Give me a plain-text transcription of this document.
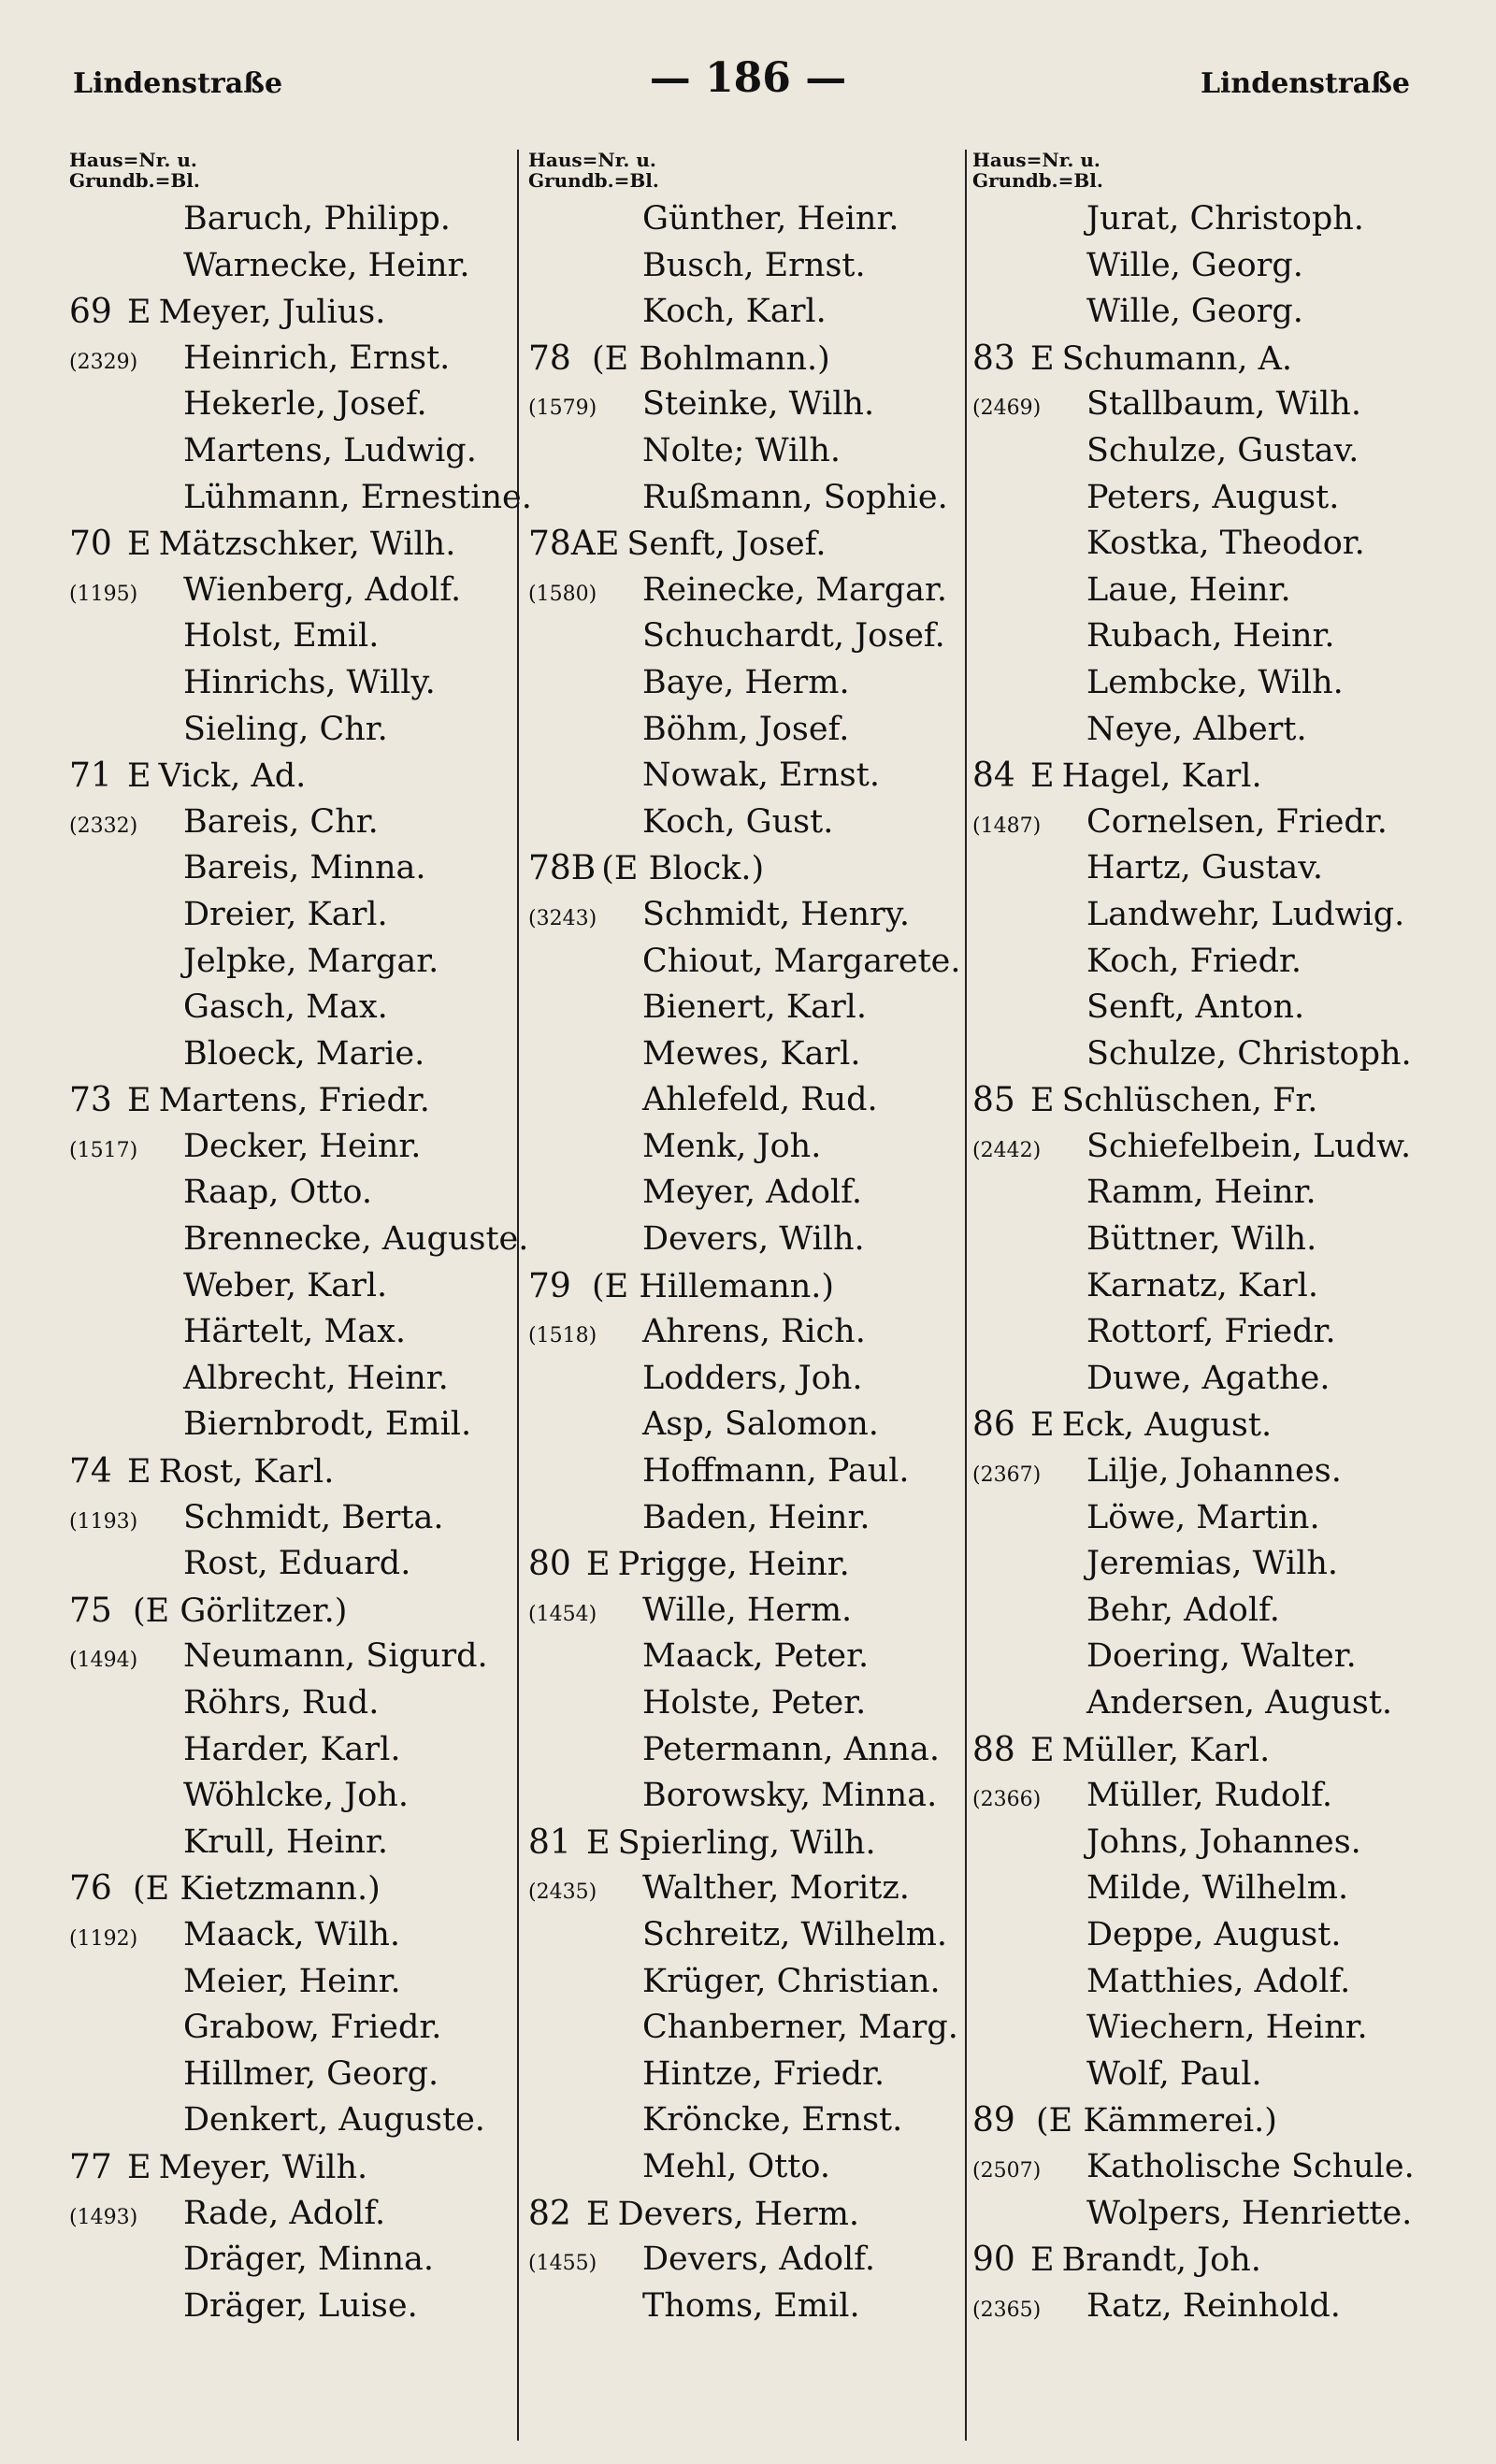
Lindenstraße	— 186 —	Lindenstraße
Haus=Nr. u.
Grundb.=Bl.
Baruch, Philipp.
Warnecke, Heinr.
69 E Meyer, Julius.
(2329) Heinrich, Ernst.
Hekerle, Josef.
Martens, Ludwig.
Lühmann, Ernestine.
70 E Mätzschker, Wilh.
(1195) Wienberg, Adolf.
Holst, Emil.
Hinrichs, Willy.
Sieling, Chr.
71 E Vick, Ad.
(2332) Bareis, Chr.
Bareis, Minna.
Dreier, Karl.
Jelpke, Margar.
Gasch, Max.
Bloeck, Marie.
73 E Martens, Friedr.
(1517) Decker, Heinr.
Raap, Otto.
Brennecke, Auguste.
Weber, Karl.
Härtelt, Max.
Albrecht, Heinr.
Biernbrodt, Emil.
74 E Rost, Karl.
(1193) Schmidt, Berta.
Rost, Eduard.
75 (E Görlitzer.)
(1494) Neumann, Sigurd.
Röhrs, Rud.
Harder, Karl.
Wöhlcke, Joh.
Krull, Heinr.
76 (E Kietzmann.)
(1192) Maack, Wilh.
Meier, Heinr.
Grabow, Friedr.
Hillmer, Georg.
Denkert, Auguste.
77 E Meyer, Wilh.
(1493) Rade, Adolf.
Dräger, Minna.
Dräger, Luise.
Haus=Nr. u.
Grundb.=Bl.
Günther, Heinr.
Busch, Ernst.
Koch, Karl.
78 (E Bohlmann.)
(1579) Steinke, Wilh.
Nolte; Wilh.
Rußmann, Sophie.
78AE Senft, Josef.
(1580) Reinecke, Margar.
Schuchardt, Josef.
Baye, Herm.
Böhm, Josef.
Nowak, Ernst.
Koch, Gust.
78B (E Block.)
(3243) Schmidt, Henry.
Chiout, Margarete.
Bienert, Karl.
Mewes, Karl.
Ahlefeld, Rud.
Menk, Joh.
Meyer, Adolf.
Devers, Wilh.
79 (E Hillemann.)
(1518) Ahrens, Rich.
Lodders, Joh.
Asp, Salomon.
Hoffmann, Paul.
Baden, Heinr.
80 E Prigge, Heinr.
(1454) Wille, Herm.
Maack, Peter.
Holste, Peter.
Petermann, Anna.
Borowsky, Minna.
81 E Spierling, Wilh.
(2435) Walther, Moritz.
Schreitz, Wilhelm.
Krüger, Christian.
Chanberner, Marg.
Hintze, Friedr.
Kröncke, Ernst.
Mehl, Otto.
82 E Devers, Herm.
(1455) Devers, Adolf.
Thoms, Emil.
Haus=Nr. u.
Grundb.=Bl.
Jurat, Christoph.
Wille, Georg.
Wille, Georg.
83 E Schumann, A.
(2469) Stallbaum, Wilh.
Schulze, Gustav.
Peters, August.
Kostka, Theodor.
Laue, Heinr.
Rubach, Heinr.
Lembcke, Wilh.
Neye, Albert.
84 E Hagel, Karl.
(1487) Cornelsen, Friedr.
Hartz, Gustav.
Landwehr, Ludwig.
Koch, Friedr.
Senft, Anton.
Schulze, Christoph.
85 E Schlüschen, Fr.
(2442) Schiefelbein, Ludw.
Ramm, Heinr.
Büttner, Wilh.
Karnatz, Karl.
Rottorf, Friedr.
Duwe, Agathe.
86 E Eck, August.
(2367) Lilje, Johannes.
Löwe, Martin.
Jeremias, Wilh.
Behr, Adolf.
Doering, Walter.
Andersen, August.
88 E Müller, Karl.
(2366) Müller, Rudolf.
Johns, Johannes.
Milde, Wilhelm.
Deppe, August.
Matthies, Adolf.
Wiechern, Heinr.
Wolf, Paul.
89 (E Kämmerei.)
(2507) Katholische Schule.
Wolpers, Henriette.
90 E Brandt, Joh.
(2365) Ratz, Reinhold.
